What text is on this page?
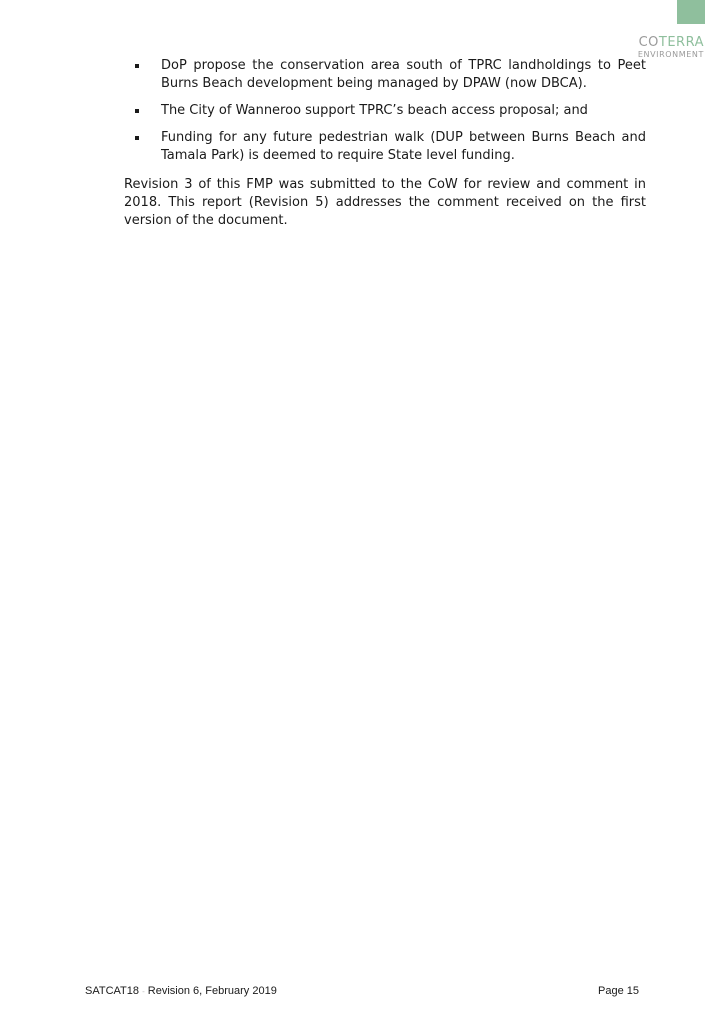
COTERRA
ENVIRONMENT
DoP propose the conservation area south of TPRC landholdings to Peet Burns Beach development being managed by DPAW (now DBCA).
The City of Wanneroo support TPRC’s beach access proposal; and
Funding for any future pedestrian walk (DUP between Burns Beach and Tamala Park) is deemed to require State level funding.

Revision 3 of this FMP was submitted to the CoW for review and comment in 2018. This report (Revision 5) addresses the comment received on the first version of the document.

SATCAT18 - Revision 6, February 2019	Page 15
